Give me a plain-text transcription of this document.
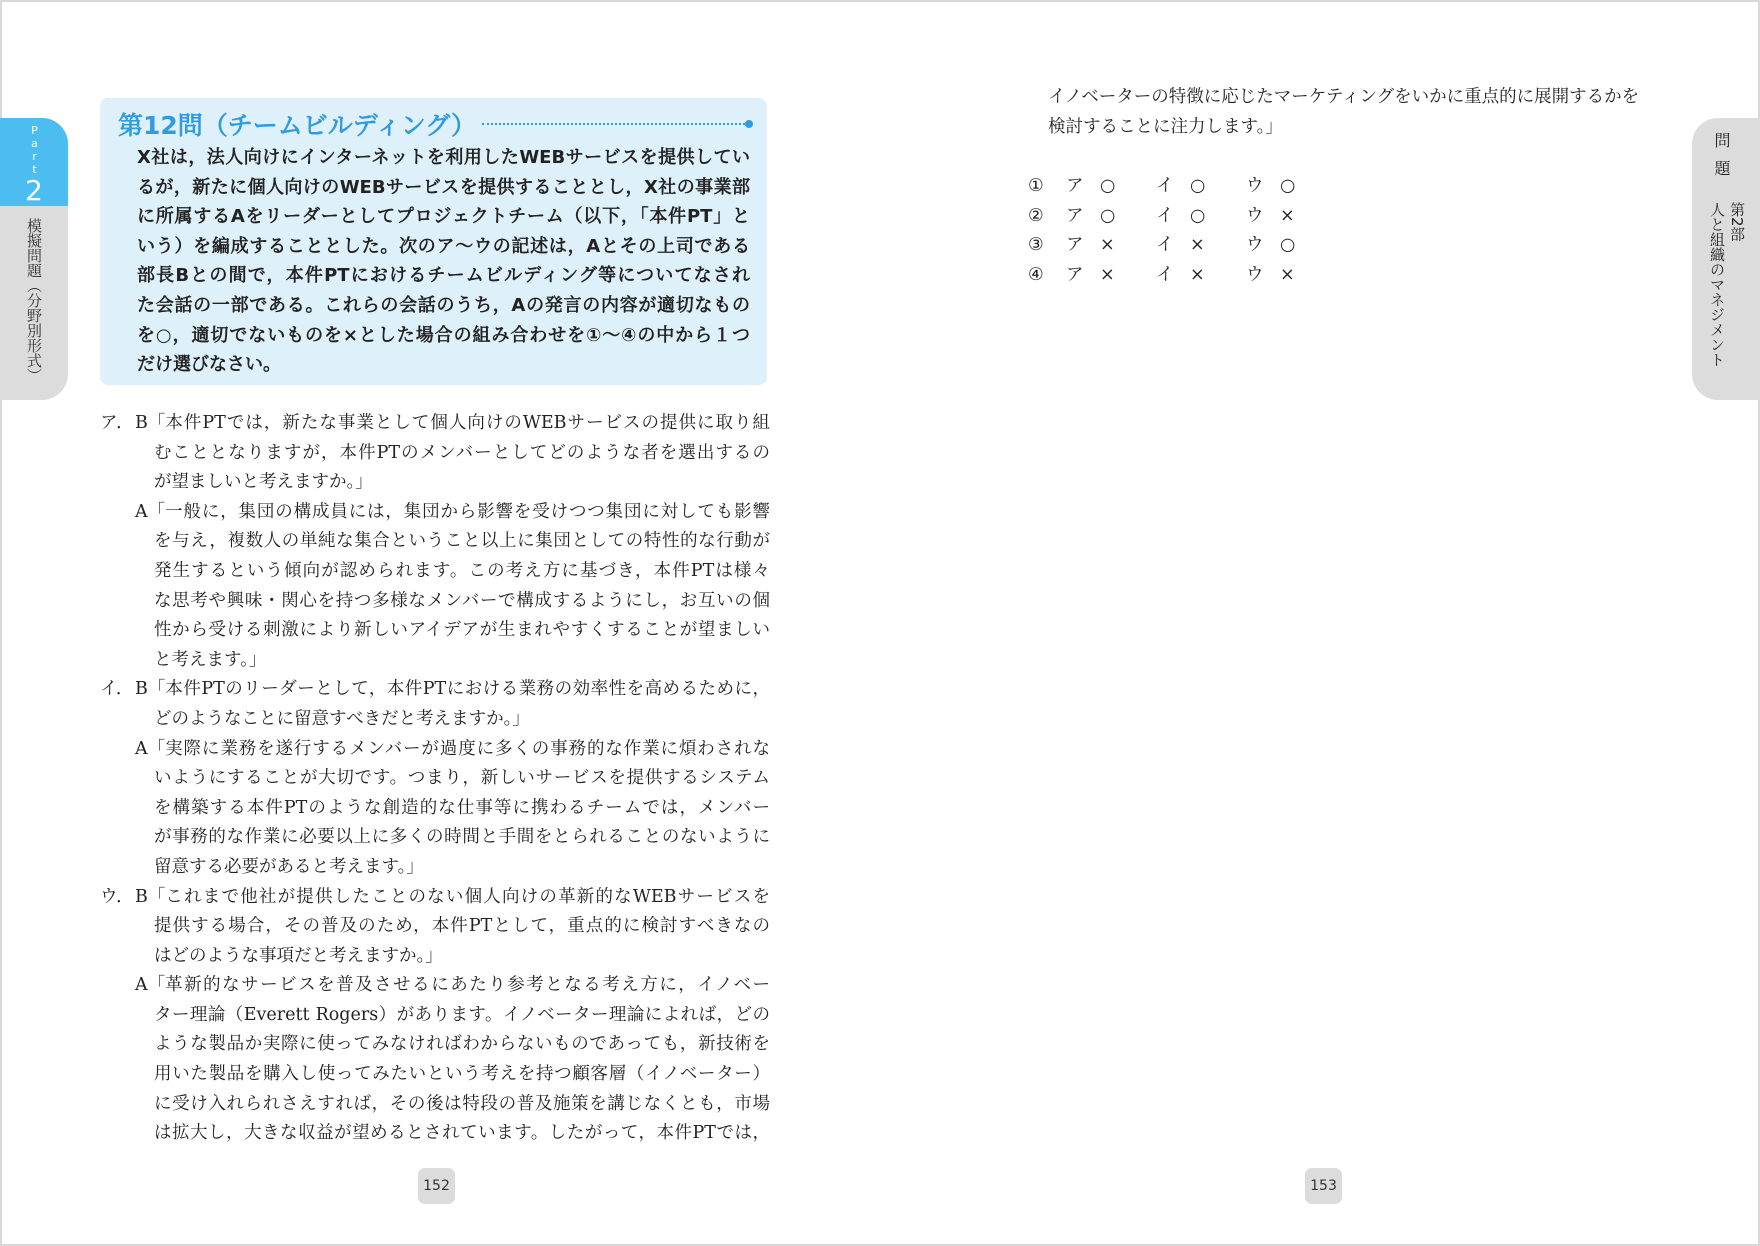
Part
2
模擬問題（分野別形式）
問題
第2部
人と組織のマネジメント
第12問（チームビルディング）
X社は，法人向けにインターネットを利用したWEBサービスを提供してい
るが，新たに個人向けのWEBサービスを提供することとし，X社の事業部
に所属するAをリーダーとしてプロジェクトチーム（以下，「本件PT」と
いう）を編成することとした。次のア〜ウの記述は，Aとその上司である
部長Bとの間で，本件PTにおけるチームビルディング等についてなされ
た会話の一部である。これらの会話のうち，Aの発言の内容が適切なもの
を○，適切でないものを×とした場合の組み合わせを①〜④の中から１つ
だけ選びなさい。
ア． B「 本件PTでは，新たな事業として個人向けのWEBサービスの提供に取り組
むこととなりますが，本件PTのメンバーとしてどのような者を選出するの
が望ましいと考えますか。」
A「 一般に，集団の構成員には，集団から影響を受けつつ集団に対しても影響
を与え，複数人の単純な集合ということ以上に集団としての特性的な行動が
発生するという傾向が認められます。この考え方に基づき，本件PTは様々
な思考や興味・関心を持つ多様なメンバーで構成するようにし，お互いの個
性から受ける刺激により新しいアイデアが生まれやすくすることが望ましい
と考えます。」
イ． B「 本件PTのリーダーとして，本件PTにおける業務の効率性を高めるために，
どのようなことに留意すべきだと考えますか。」
A「 実際に業務を遂行するメンバーが過度に多くの事務的な作業に煩わされな
いようにすることが大切です。つまり，新しいサービスを提供するシステム
を構築する本件PTのような創造的な仕事等に携わるチームでは，メンバー
が事務的な作業に必要以上に多くの時間と手間をとられることのないように
留意する必要があると考えます。」
ウ． B「 これまで他社が提供したことのない個人向けの革新的なWEBサービスを
提供する場合，その普及のため，本件PTとして，重点的に検討すべきなの
はどのような事項だと考えますか。」
A「 革新的なサービスを普及させるにあたり参考となる考え方に，イノベー
ター理論（Everett Rogers）があります。イノベーター理論によれば，どの
ような製品か実際に使ってみなければわからないものであっても，新技術を
用いた製品を購入し使ってみたいという考えを持つ顧客層（イノベーター）
に受け入れられさえすれば，その後は特段の普及施策を講じなくとも，市場
は拡大し，大きな収益が望めるとされています。したがって，本件PTでは，
イノベーターの特徴に応じたマーケティングをいかに重点的に展開するかを
検討することに注力します。」
① ア ○ イ ○ ウ ○
② ア ○ イ ○ ウ ×
③ ア × イ × ウ ○
④ ア × イ × ウ ×
152	153
